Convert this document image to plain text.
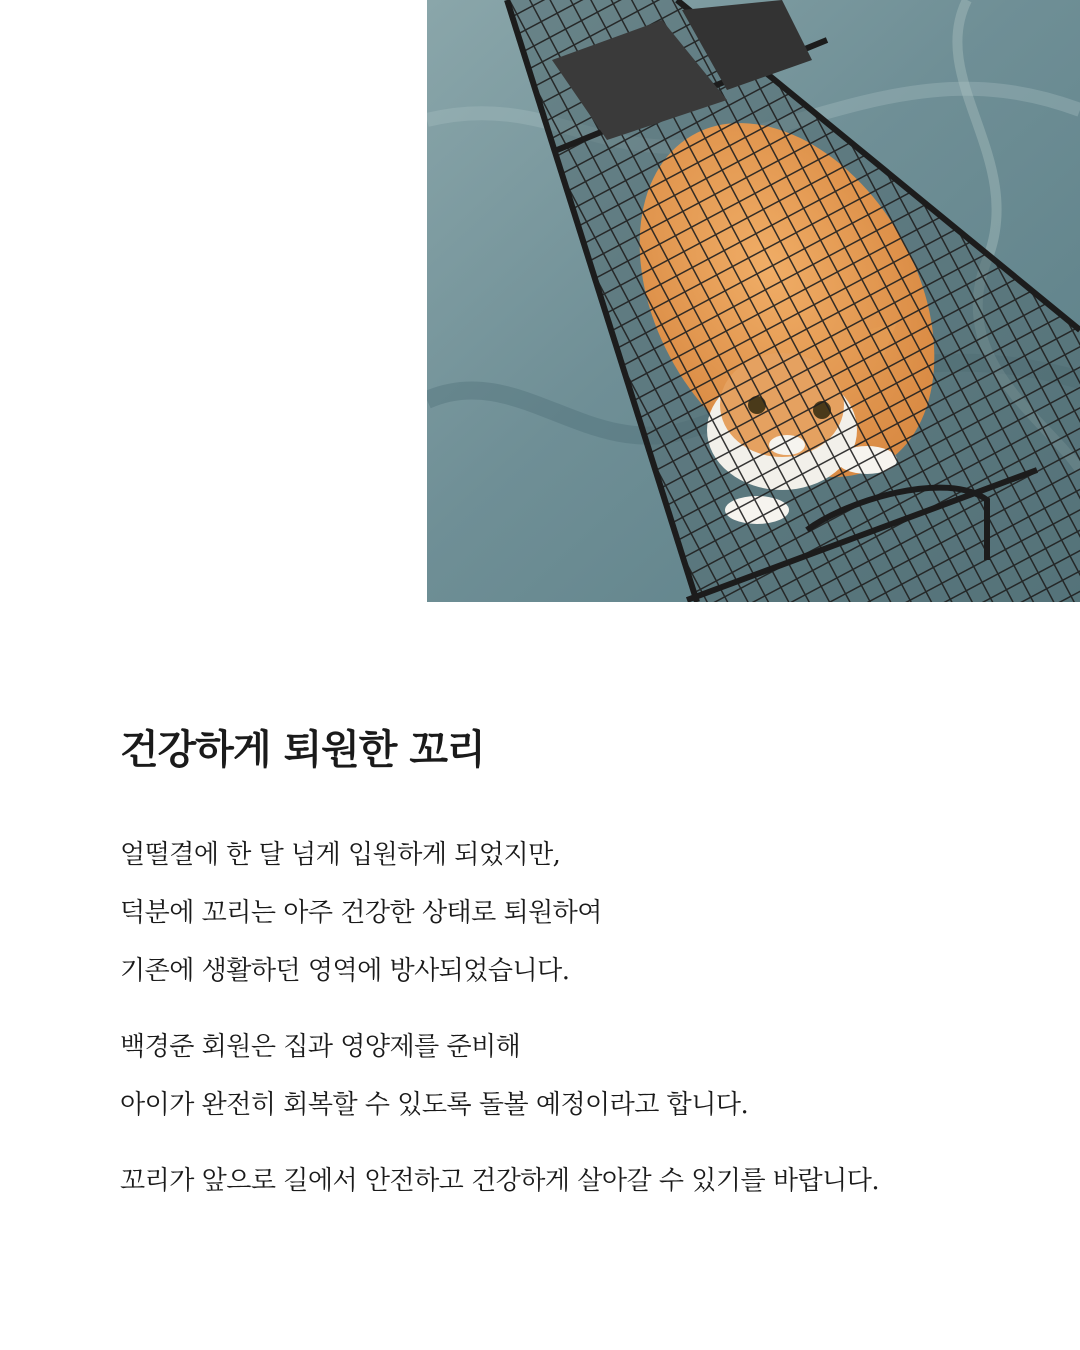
건강하게 퇴원한 꼬리

얼떨결에 한 달 넘게 입원하게 되었지만,
덕분에 꼬리는 아주 건강한 상태로 퇴원하여
기존에 생활하던 영역에 방사되었습니다.

백경준 회원은 집과 영양제를 준비해
아이가 완전히 회복할 수 있도록 돌볼 예정이라고 합니다.

꼬리가 앞으로 길에서 안전하고 건강하게 살아갈 수 있기를 바랍니다.
